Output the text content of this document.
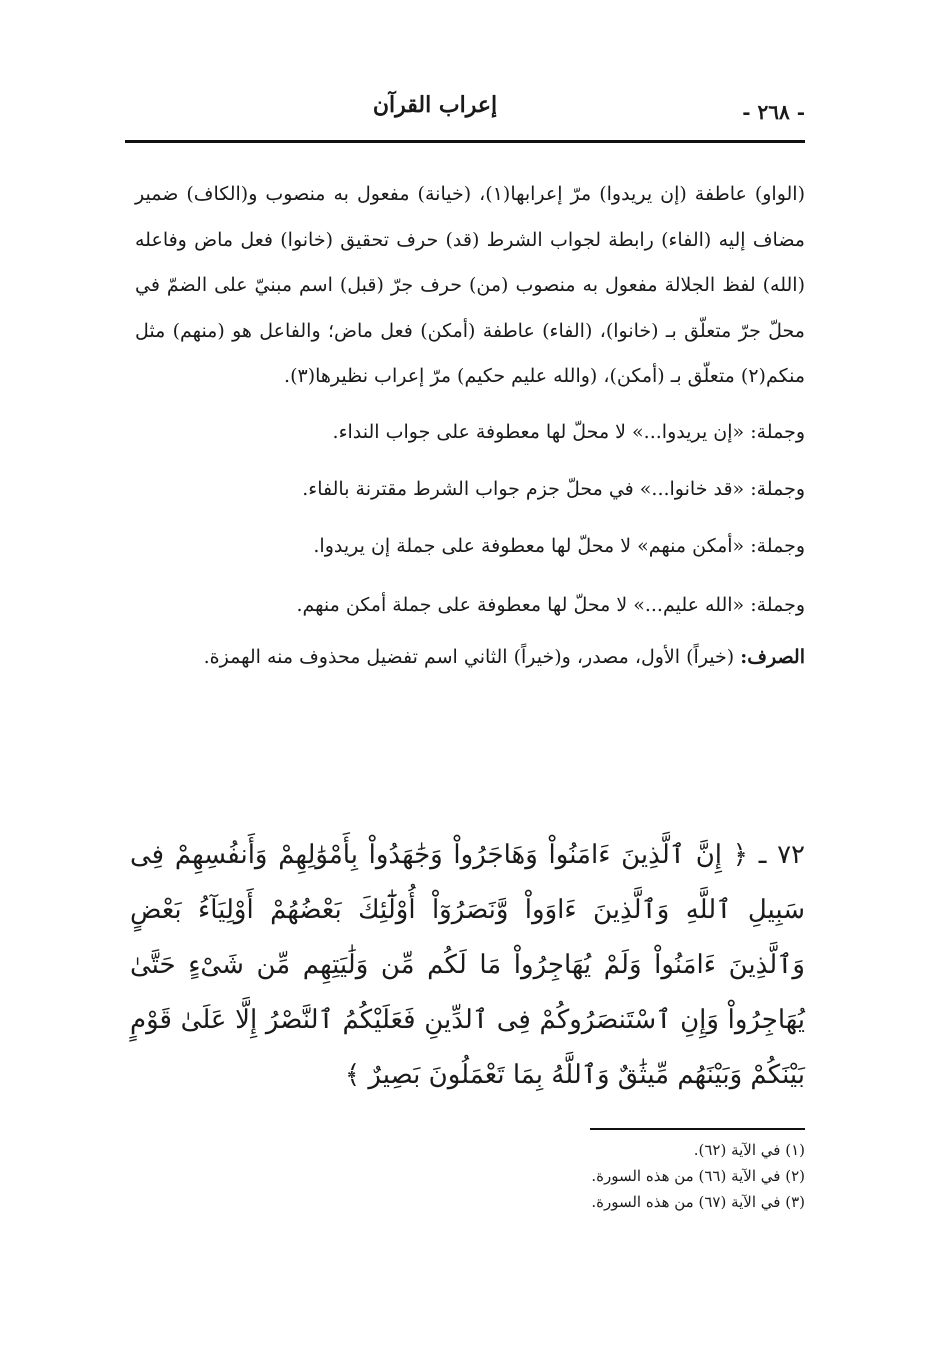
إعراب القرآن	- ٢٦٨ -

(الواو) عاطفة (إن يريدوا) مرّ إعرابها(١)، (خيانة) مفعول به منصوب و(الكاف) ضمير مضاف إليه (الفاء) رابطة لجواب الشرط (قد) حرف تحقيق (خانوا) فعل ماض وفاعله (الله) لفظ الجلالة مفعول به منصوب (من) حرف جرّ (قبل) اسم مبنيّ على الضمّ في محلّ جرّ متعلّق بـ (خانوا)، (الفاء) عاطفة (أمكن) فعل ماض؛ والفاعل هو (منهم) مثل منكم(٢) متعلّق بـ (أمكن)، (والله عليم حكيم) مرّ إعراب نظيرها(٣).

وجملة: «إن يريدوا...» لا محلّ لها معطوفة على جواب النداء.

وجملة: «قد خانوا...» في محلّ جزم جواب الشرط مقترنة بالفاء.

وجملة: «أمكن منهم» لا محلّ لها معطوفة على جملة إن يريدوا.

وجملة: «الله عليم...» لا محلّ لها معطوفة على جملة أمكن منهم.

الصرف: (خيراً) الأول، مصدر، و(خيراً) الثاني اسم تفضيل محذوف منه الهمزة.

٧٢ ـ ﴿ إِنَّ ٱلَّذِينَ ءَامَنُواْ وَهَاجَرُواْ وَجَٰهَدُواْ بِأَمْوَٰلِهِمْ وَأَنفُسِهِمْ فِى سَبِيلِ ٱللَّهِ وَٱلَّذِينَ ءَاوَواْ وَّنَصَرُوٓاْ أُوْلَٰٓئِكَ بَعْضُهُمْ أَوْلِيَآءُ بَعْضٍ وَٱلَّذِينَ ءَامَنُواْ وَلَمْ يُهَاجِرُواْ مَا لَكُم مِّن وَلَٰيَتِهِم مِّن شَىْءٍ حَتَّىٰ يُهَاجِرُواْ وَإِنِ ٱسْتَنصَرُوكُمْ فِى ٱلدِّينِ فَعَلَيْكُمُ ٱلنَّصْرُ إِلَّا عَلَىٰ قَوْمٍ بَيْنَكُمْ وَبَيْنَهُم مِّيثَٰقٌ وَٱللَّهُ بِمَا تَعْمَلُونَ بَصِيرٌ ﴾
(١) في الآية (٦٢).
(٢) في الآية (٦٦) من هذه السورة.
(٣) في الآية (٦٧) من هذه السورة.
